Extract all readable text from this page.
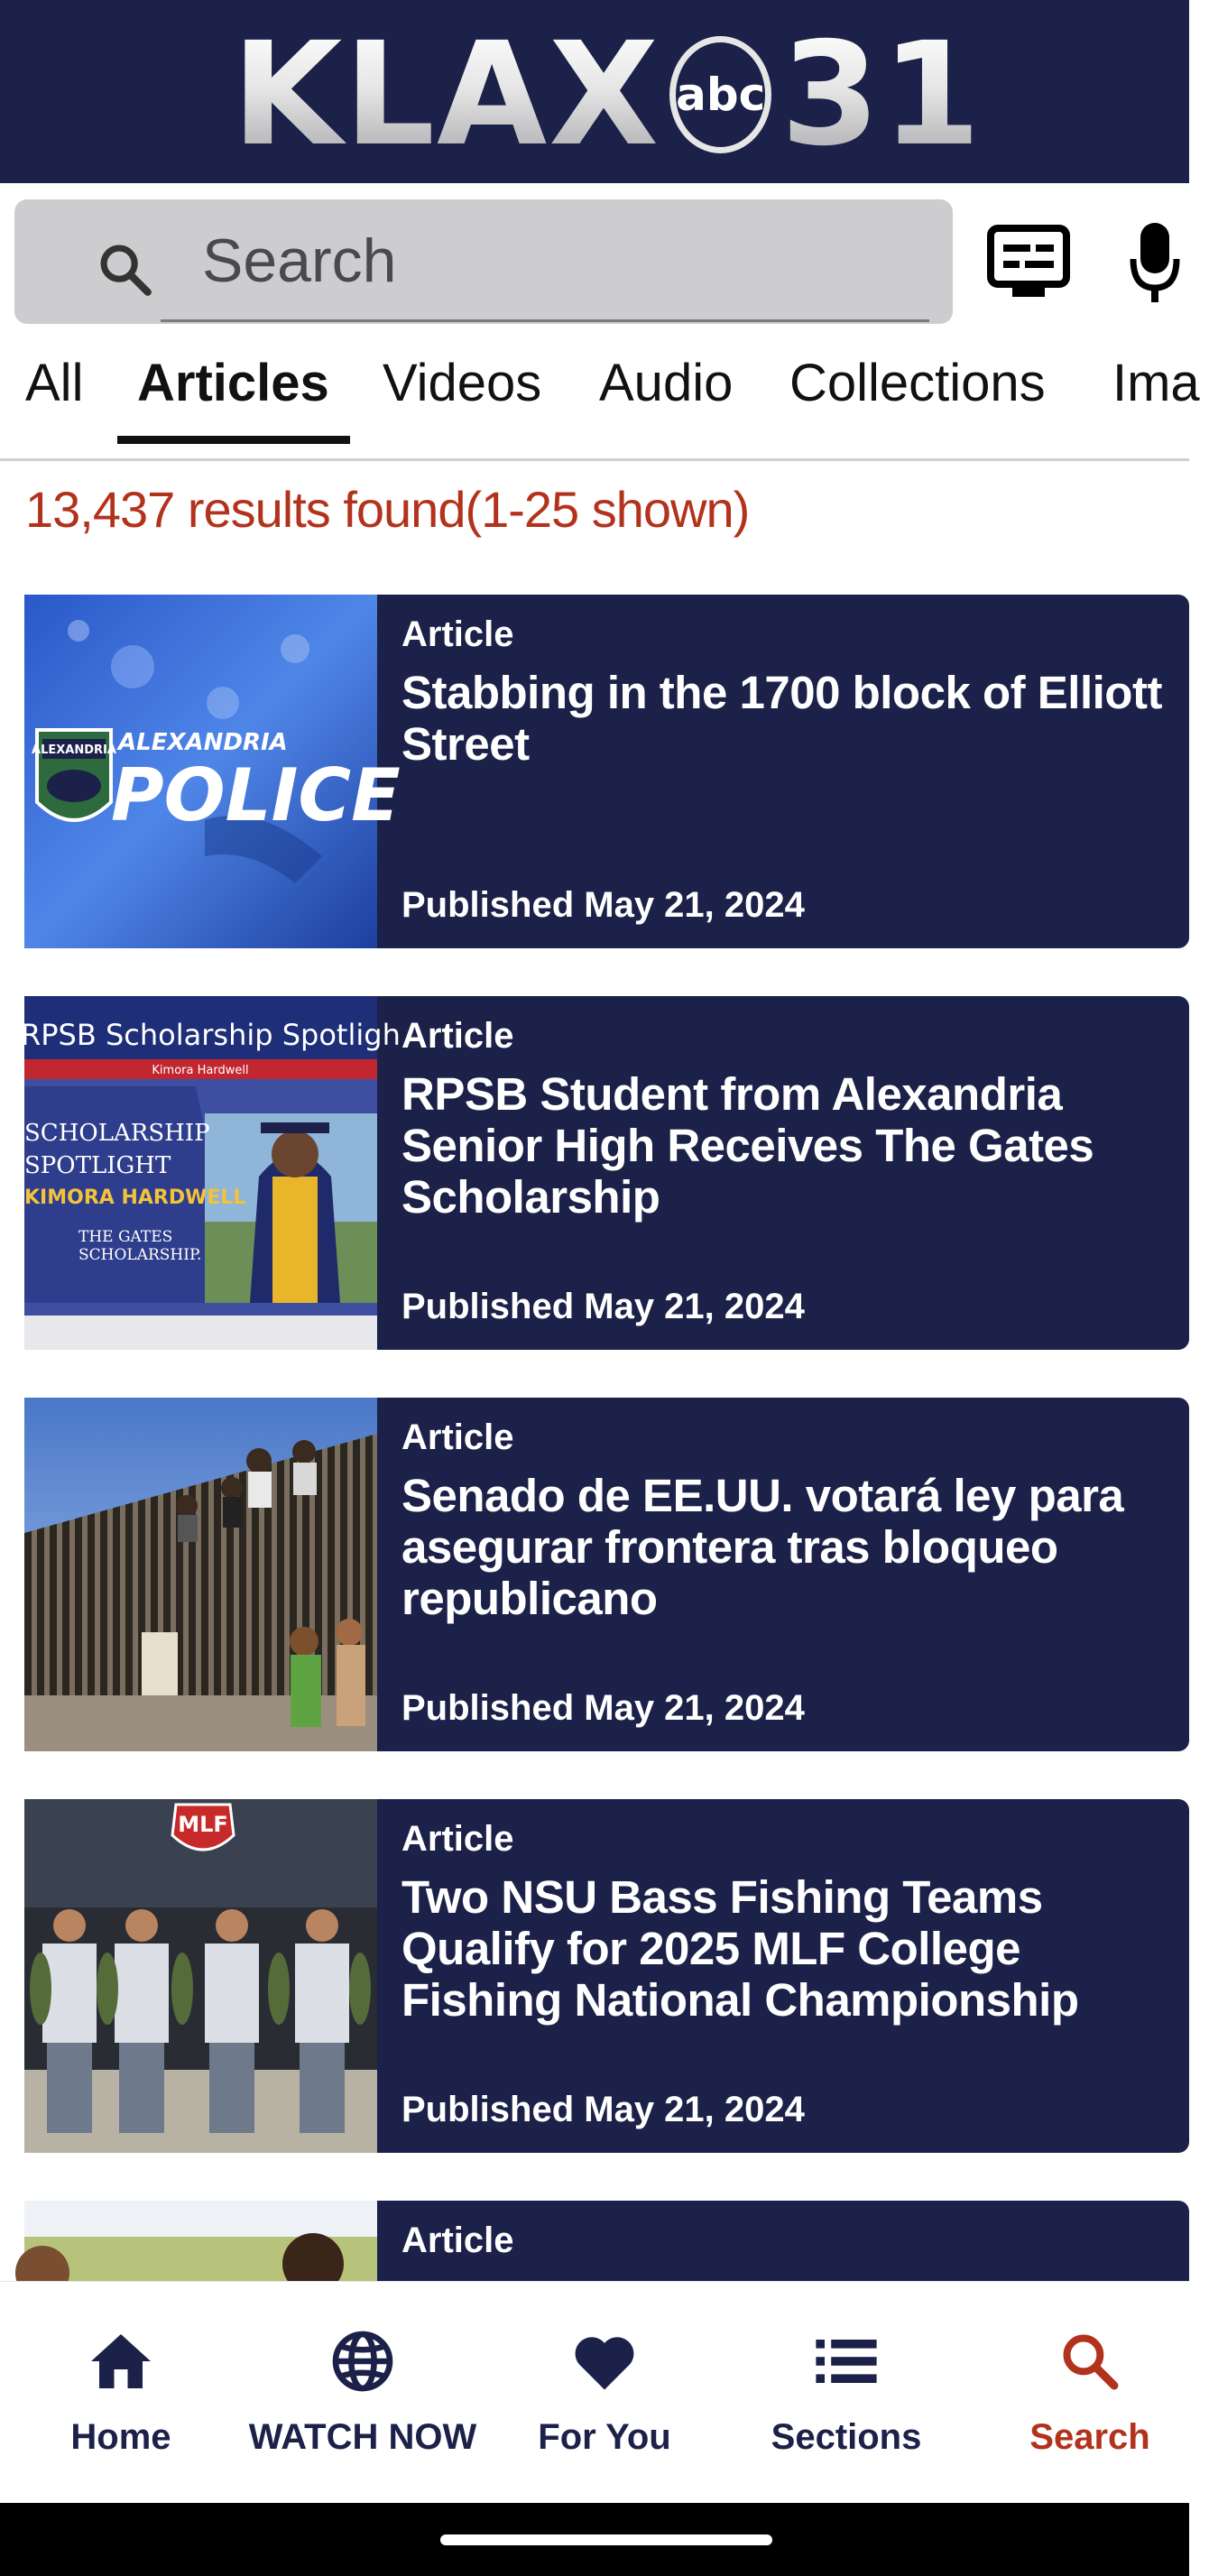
KLAX abc 31
Search
All Articles Videos Audio Collections Ima
13,437 results found(1-25 shown)
ALEXANDRIA ALEXANDRIA
POLICE
Article
Stabbing in the 1700 block of Elliott Street
Published May 21, 2024
RPSB Scholarship Spotligh
Kimora Hardwell
SCHOLARSHIP
SPOTLIGHT
KIMORA HARDWELL
THE GATES
SCHOLARSHIP.
Article
RPSB Student from Alexandria Senior High Receives The Gates Scholarship
Published May 21, 2024
Article
Senado de EE.UU. votará ley para asegurar frontera tras bloqueo republicano
Published May 21, 2024
MLF	Article
Two NSU Bass Fishing Teams Qualify for 2025 MLF College Fishing National Championship
Published May 21, 2024
Article
Home	WATCH NOW	For You	Sections	Search
